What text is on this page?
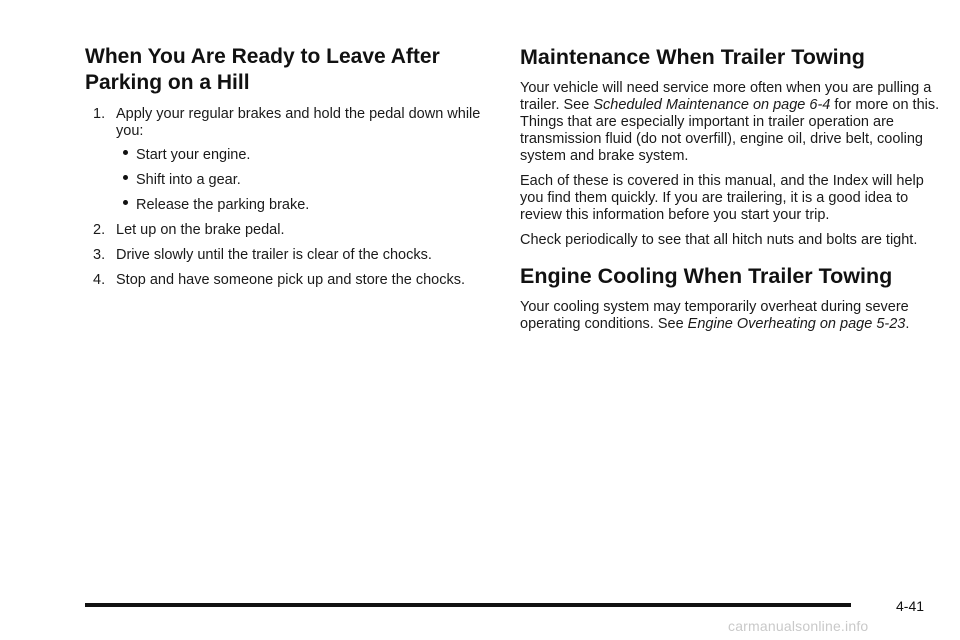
When You Are Ready to Leave After Parking on a Hill
1. Apply your regular brakes and hold the pedal down while you:
Start your engine.
Shift into a gear.
Release the parking brake.
2. Let up on the brake pedal.
3. Drive slowly until the trailer is clear of the chocks.
4. Stop and have someone pick up and store the chocks.
Maintenance When Trailer Towing

Your vehicle will need service more often when you are pulling a trailer. See Scheduled Maintenance on page 6-4 for more on this. Things that are especially important in trailer operation are transmission fluid (do not overfill), engine oil, drive belt, cooling system and brake system.

Each of these is covered in this manual, and the Index will help you find them quickly. If you are trailering, it is a good idea to review this information before you start your trip.

Check periodically to see that all hitch nuts and bolts are tight.

Engine Cooling When Trailer Towing

Your cooling system may temporarily overheat during severe operating conditions. See Engine Overheating on page 5-23.

4-41
carmanualsonline.info
